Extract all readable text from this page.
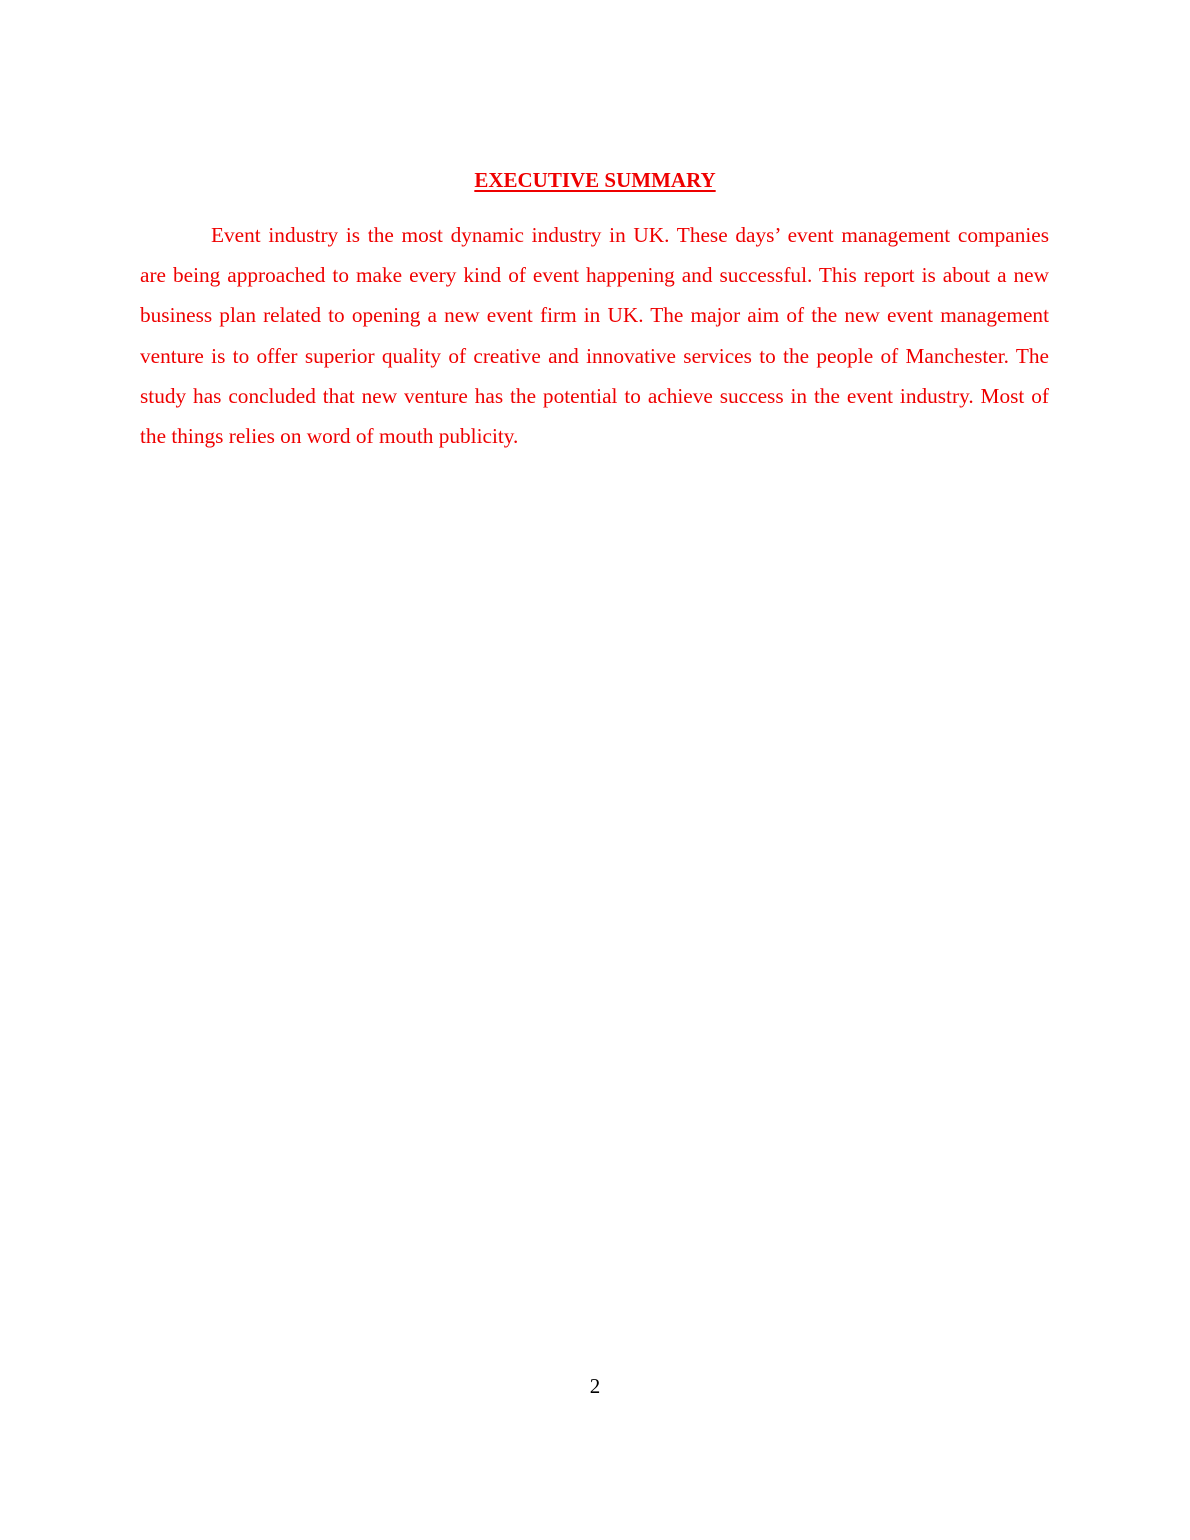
EXECUTIVE SUMMARY

Event industry is the most dynamic industry in UK. These days’ event management companies are being approached to make every kind of event happening and successful. This report is about a new business plan related to opening a new event firm in UK. The major aim of the new event management venture is to offer superior quality of creative and innovative services to the people of Manchester. The study has concluded that new venture has the potential to achieve success in the event industry. Most of the things relies on word of mouth publicity.

2
